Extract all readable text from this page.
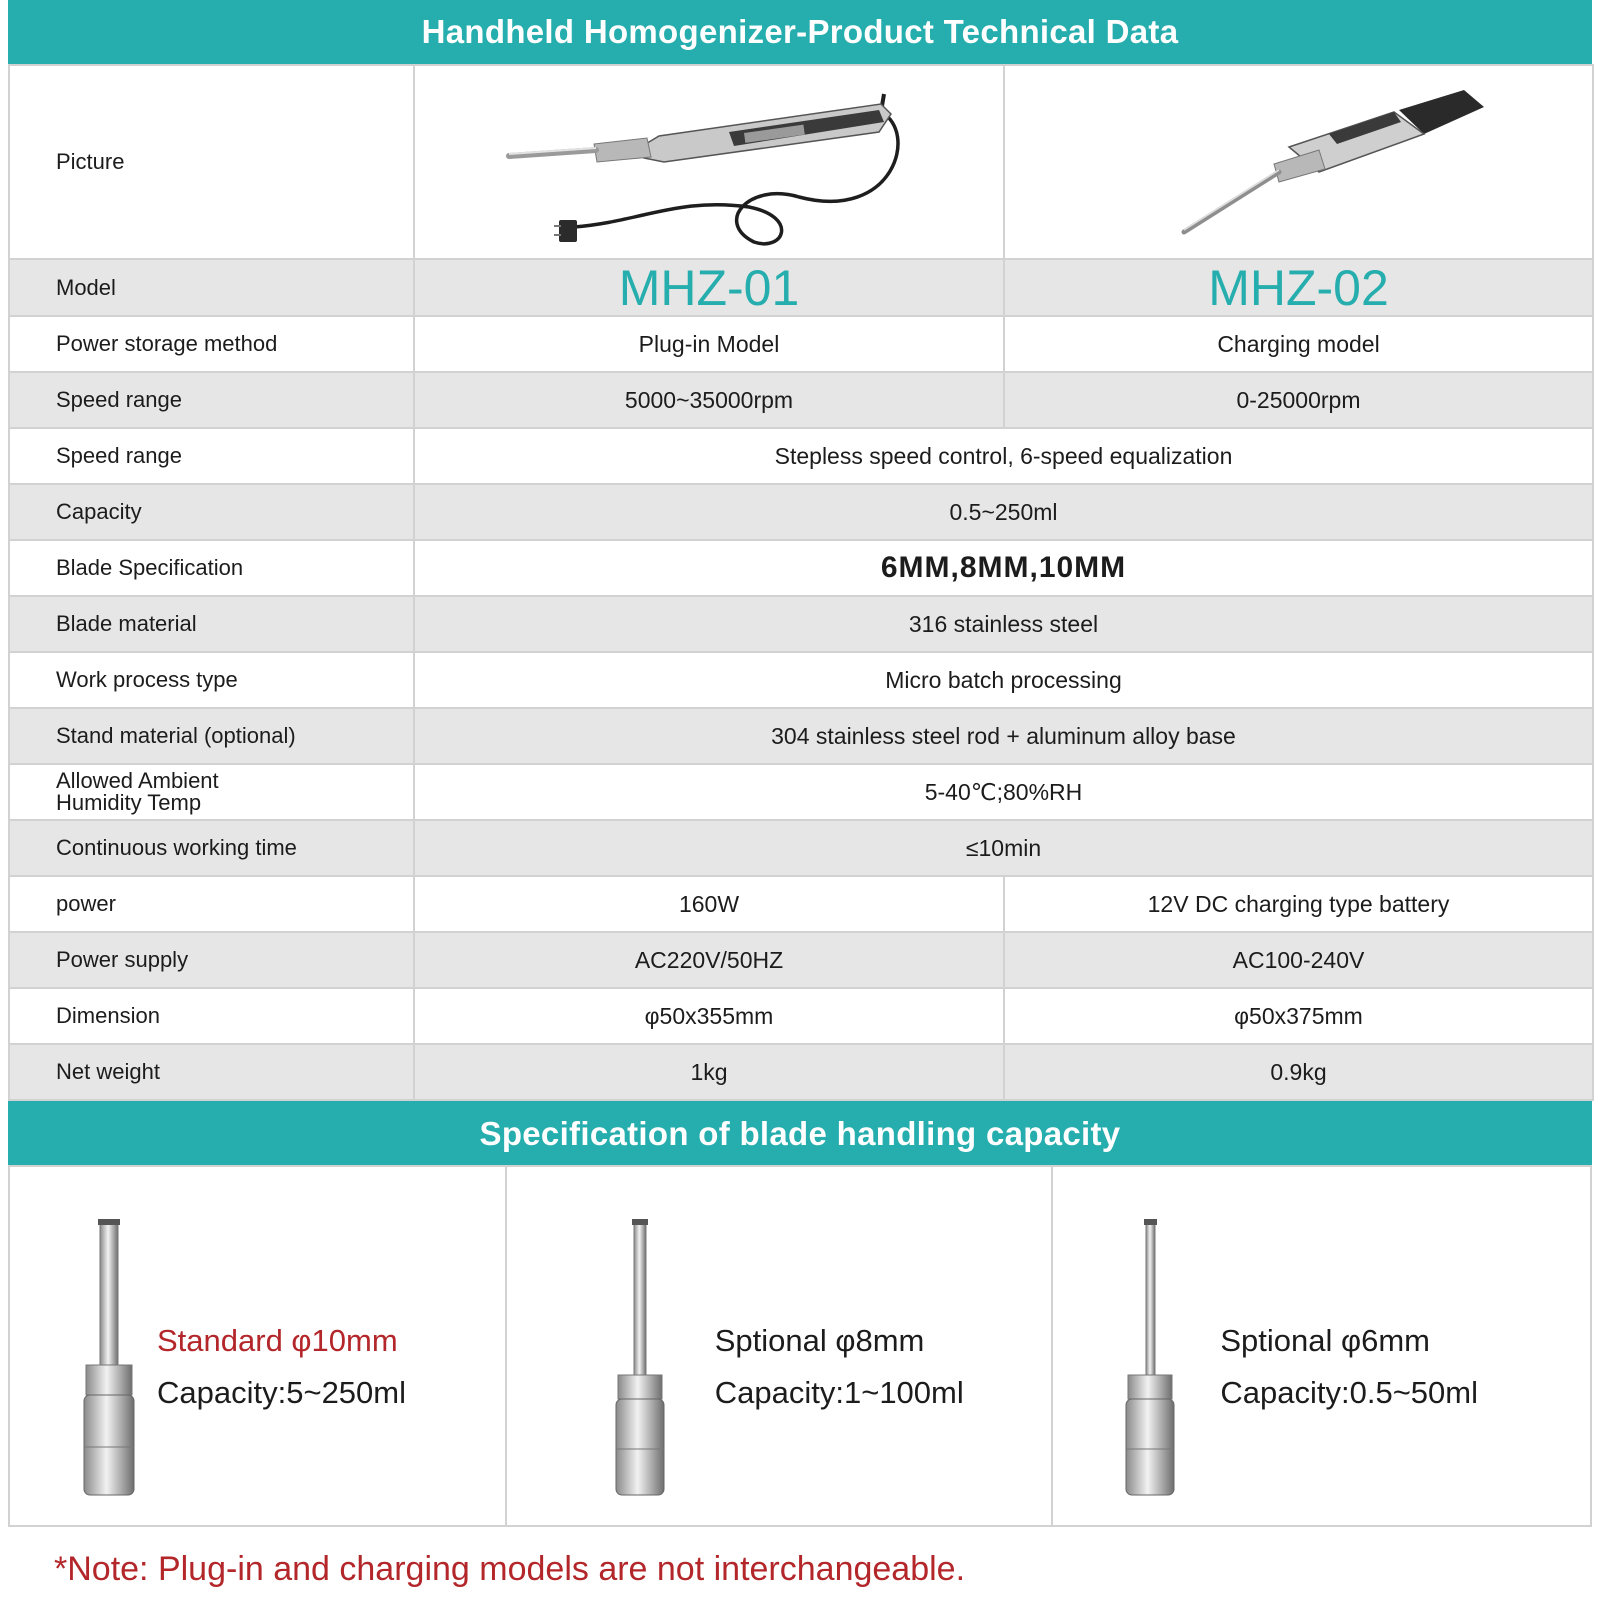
Handheld Homogenizer-Product Technical Data
Picture	

Model	MHZ-01	MHZ-02
Power storage method	Plug-in Model	Charging model
Speed range	5000~35000rpm	0-25000rpm
Speed range	Stepless speed control, 6-speed equalization	
Capacity	0.5~250ml	
Blade Specification	6MM,8MM,10MM	
Blade material	316 stainless steel	
Work process type	Micro batch processing	
Stand material (optional)	304 stainless steel rod + aluminum alloy base	

Allowed Ambient
Humidity Temp	5-40℃;80%RH	
Continuous working time	≤10min	
power	160W	12V DC charging type battery
Power supply	AC220V/50HZ	AC100-240V
Dimension	φ50x355mm	φ50x375mm
Net weight	1kg	0.9kg
Specification of blade handling capacity
Standard φ10mm
Capacity:5~250ml
Sptional φ8mm
Capacity:1~100ml
Sptional φ6mm
Capacity:0.5~50ml
*Note: Plug-in and charging models are not interchangeable.
